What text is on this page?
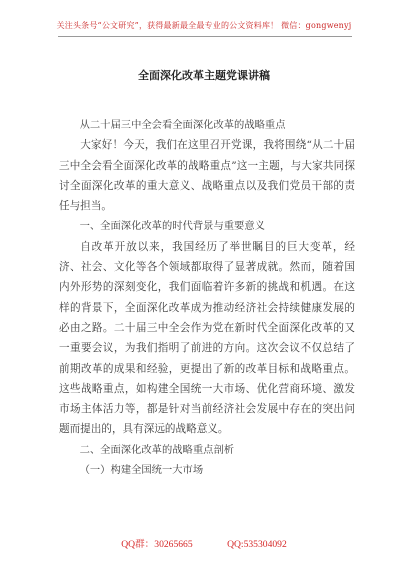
关注头条号“公文研究”，获得最新最全最专业的公文资料库！ 微信：gongwenyj
全面深化改革主题党课讲稿

从二十届三中全会看全面深化改革的战略重点

大家好！今天，我们在这里召开党课，我将围绕“从二十届三中全会看全面深化改革的战略重点”这一主题，与大家共同探讨全面深化改革的重大意义、战略重点以及我们党员干部的责任与担当。

一、全面深化改革的时代背景与重要意义

自改革开放以来，我国经历了举世瞩目的巨大变革，经济、社会、文化等各个领域都取得了显著成就。然而，随着国内外形势的深刻变化，我们面临着许多新的挑战和机遇。在这样的背景下，全面深化改革成为推动经济社会持续健康发展的必由之路。二十届三中全会作为党在新时代全面深化改革的又一重要会议，为我们指明了前进的方向。这次会议不仅总结了前期改革的成果和经验，更提出了新的改革目标和战略重点。这些战略重点，如构建全国统一大市场、优化营商环境、激发市场主体活力等，都是针对当前经济社会发展中存在的突出问题而提出的，具有深远的战略意义。

二、全面深化改革的战略重点剖析

（一）构建全国统一大市场

QQ群：30265665	QQ:535304092
